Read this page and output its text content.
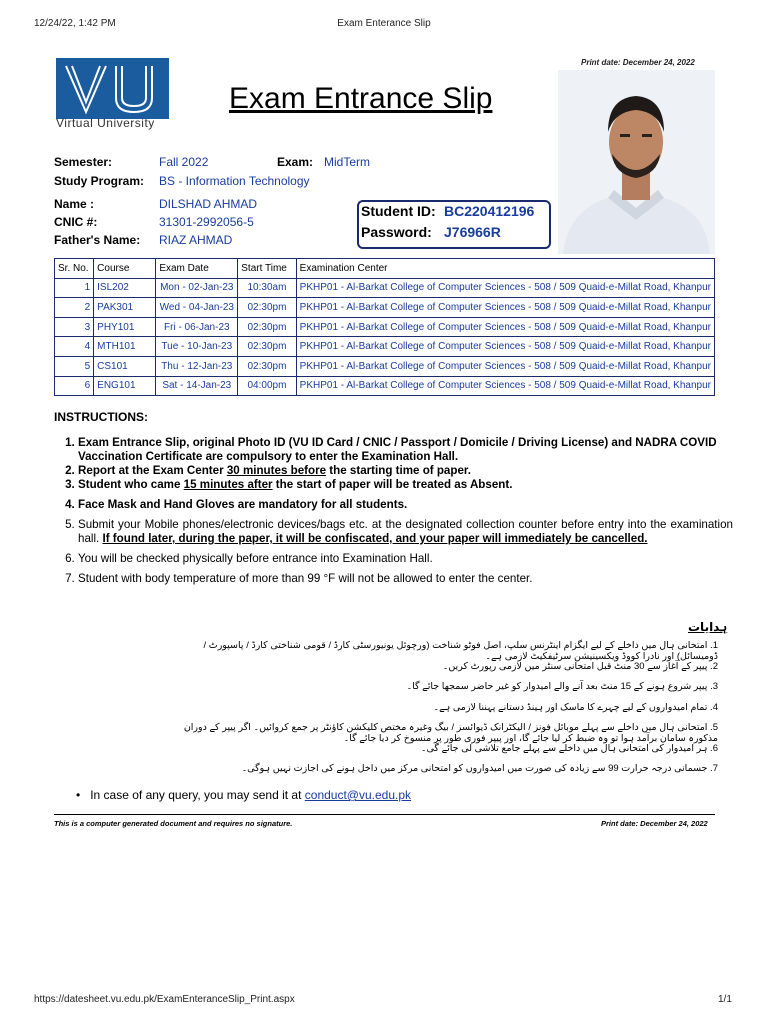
12/24/22, 1:42 PM	Exam Enterance Slip
Virtual University
Exam Entrance Slip
Print date: December 24, 2022
Semester:	Fall 2022	Exam: MidTerm
Study Program: BS - Information Technology
Name :	DILSHAD AHMAD
CNIC #:	31301-2992056-5
Father's Name: RIAZ AHMAD
Student ID: BC220412196
Password: J76966R
Sr. No.	Course	Exam Date	Start Time	Examination Center
1	ISL202	Mon - 02-Jan-23	10:30am	PKHP01 - Al-Barkat College of Computer Sciences - 508 / 509 Quaid-e-Millat Road, Khanpur
2	PAK301	Wed - 04-Jan-23	02:30pm	PKHP01 - Al-Barkat College of Computer Sciences - 508 / 509 Quaid-e-Millat Road, Khanpur
3	PHY101	Fri - 06-Jan-23	02:30pm	PKHP01 - Al-Barkat College of Computer Sciences - 508 / 509 Quaid-e-Millat Road, Khanpur
4	MTH101	Tue - 10-Jan-23	02:30pm	PKHP01 - Al-Barkat College of Computer Sciences - 508 / 509 Quaid-e-Millat Road, Khanpur
5	CS101	Thu - 12-Jan-23	02:30pm	PKHP01 - Al-Barkat College of Computer Sciences - 508 / 509 Quaid-e-Millat Road, Khanpur
6	ENG101	Sat - 14-Jan-23	04:00pm	PKHP01 - Al-Barkat College of Computer Sciences - 508 / 509 Quaid-e-Millat Road, Khanpur
INSTRUCTIONS:
1. Exam Entrance Slip, original Photo ID (VU ID Card / CNIC / Passport / Domicile / Driving License) and NADRA COVID Vaccination Certificate are compulsory to enter the Examination Hall.
2. Report at the Exam Center 30 minutes before the starting time of paper.
3. Student who came 15 minutes after the start of paper will be treated as Absent.
4. Face Mask and Hand Gloves are mandatory for all students.
5. Submit your Mobile phones/electronic devices/bags etc. at the designated collection counter before entry into the examination hall. If found later, during the paper, it will be confiscated, and your paper will immediately be cancelled.
6. You will be checked physically before entrance into Examination Hall.
7. Student with body temperature of more than 99 °F will not be allowed to enter the center.
ہدایات
1. امتحانی ہال میں داخلے کے لیے ایگزام اینٹرنس سلپ، اصل فوٹو شناخت (ورچوئل یونیورسٹی کارڈ / قومی شناختی کارڈ / پاسپورٹ / ڈومیسائل) اور نادرا کووڈ ویکسینیشن سرٹیفکیٹ لازمی ہے۔
2. پیپر کے آغاز سے 30 منٹ قبل امتحانی سنٹر میں لازمی رپورٹ کریں۔
3. پیپر شروع ہونے کے 15 منٹ بعد آنے والے امیدوار کو غیر حاضر سمجھا جائے گا۔
4. تمام امیدواروں کے لیے چہرے کا ماسک اور ہینڈ دستانے پہننا لازمی ہے۔
5. امتحانی ہال میں داخلے سے پہلے موبائل فونز / الیکٹرانک ڈیوائسز / بیگ وغیرہ مختص کلیکشن کاؤنٹر پر جمع کروائیں۔ اگر پیپر کے دوران مذکورہ سامان برآمد ہوا تو وہ ضبط کر لیا جائے گا، اور پیپر فوری طور پر منسوخ کر دیا جائے گا۔
6. ہر امیدوار کی امتحانی ہال میں داخلے سے پہلے جامع تلاشی لی جائے گی۔
7. جسمانی درجہ حرارت 99 سے زیادہ کی صورت میں امیدواروں کو امتحانی مرکز میں داخل ہونے کی اجازت نہیں ہوگی۔
•   In case of any query, you may send it at conduct@vu.edu.pk
This is a computer generated document and requires no signature.	Print date: December 24, 2022
https://datesheet.vu.edu.pk/ExamEnteranceSlip_Print.aspx	1/1
